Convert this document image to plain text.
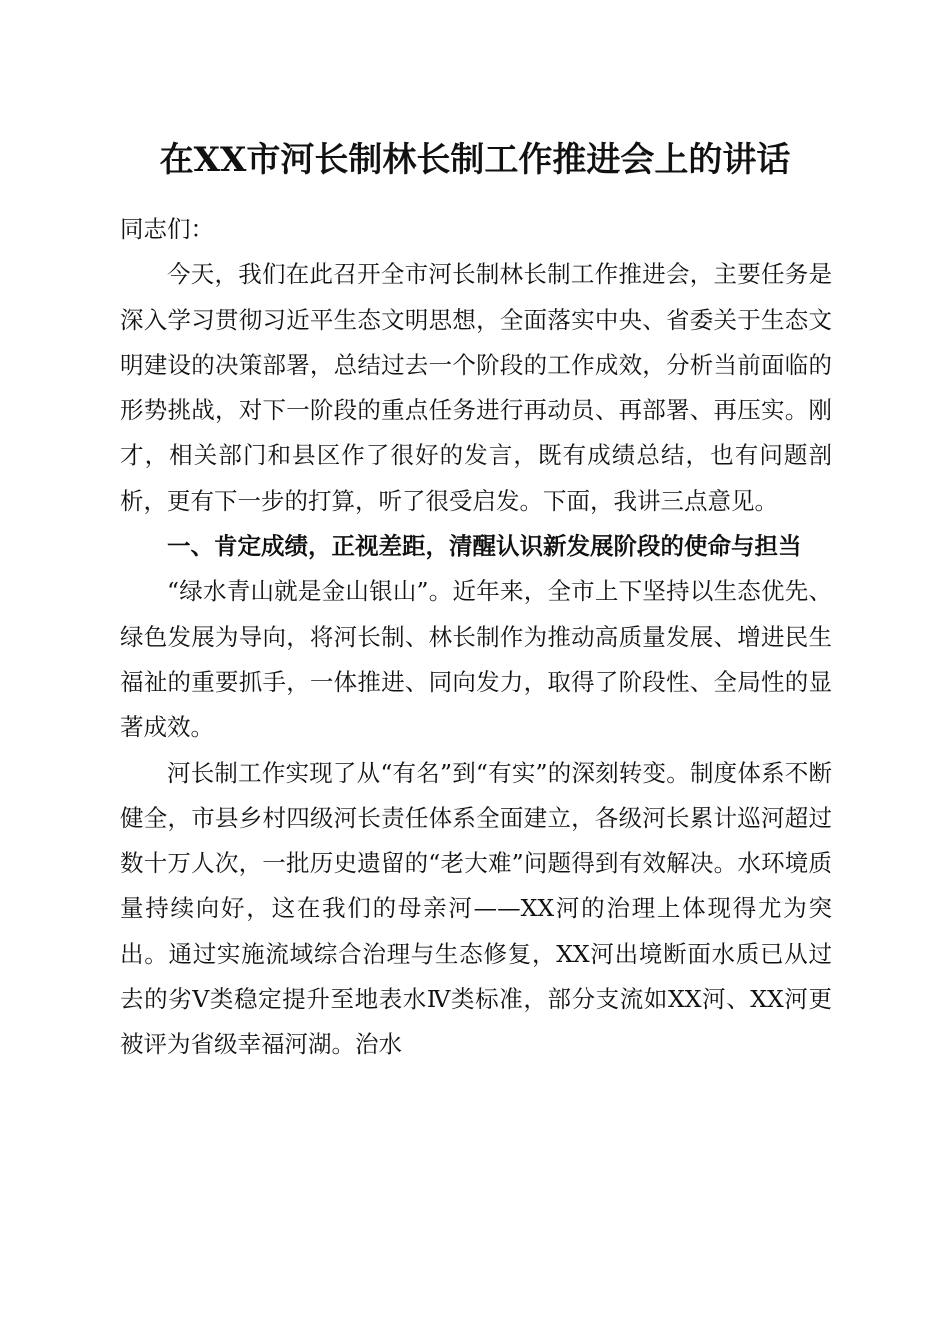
在XX市河长制林长制工作推进会上的讲话

同志们：

今天，我们在此召开全市河长制林长制工作推进会，主要任务是深入学习贯彻习近平生态文明思想，全面落实中央、省委关于生态文明建设的决策部署，总结过去一个阶段的工作成效，分析当前面临的形势挑战，对下一阶段的重点任务进行再动员、再部署、再压实。刚才，相关部门和县区作了很好的发言，既有成绩总结，也有问题剖析，更有下一步的打算，听了很受启发。下面，我讲三点意见。

一、肯定成绩，正视差距，清醒认识新发展阶段的使命与担当

“绿水青山就是金山银山”。近年来，全市上下坚持以生态优先、绿色发展为导向，将河长制、林长制作为推动高质量发展、增进民生福祉的重要抓手，一体推进、同向发力，取得了阶段性、全局性的显著成效。

河长制工作实现了从“有名”到“有实”的深刻转变。制度体系不断健全，市县乡村四级河长责任体系全面建立，各级河长累计巡河超过数十万人次，一批历史遗留的“老大难”问题得到有效解决。水环境质量持续向好，这在我们的母亲河——XX河的治理上体现得尤为突出。通过实施流域综合治理与生态修复，XX河出境断面水质已从过去的劣Ⅴ类稳定提升至地表水Ⅳ类标准，部分支流如XX河、XX河更被评为省级幸福河湖。治水
